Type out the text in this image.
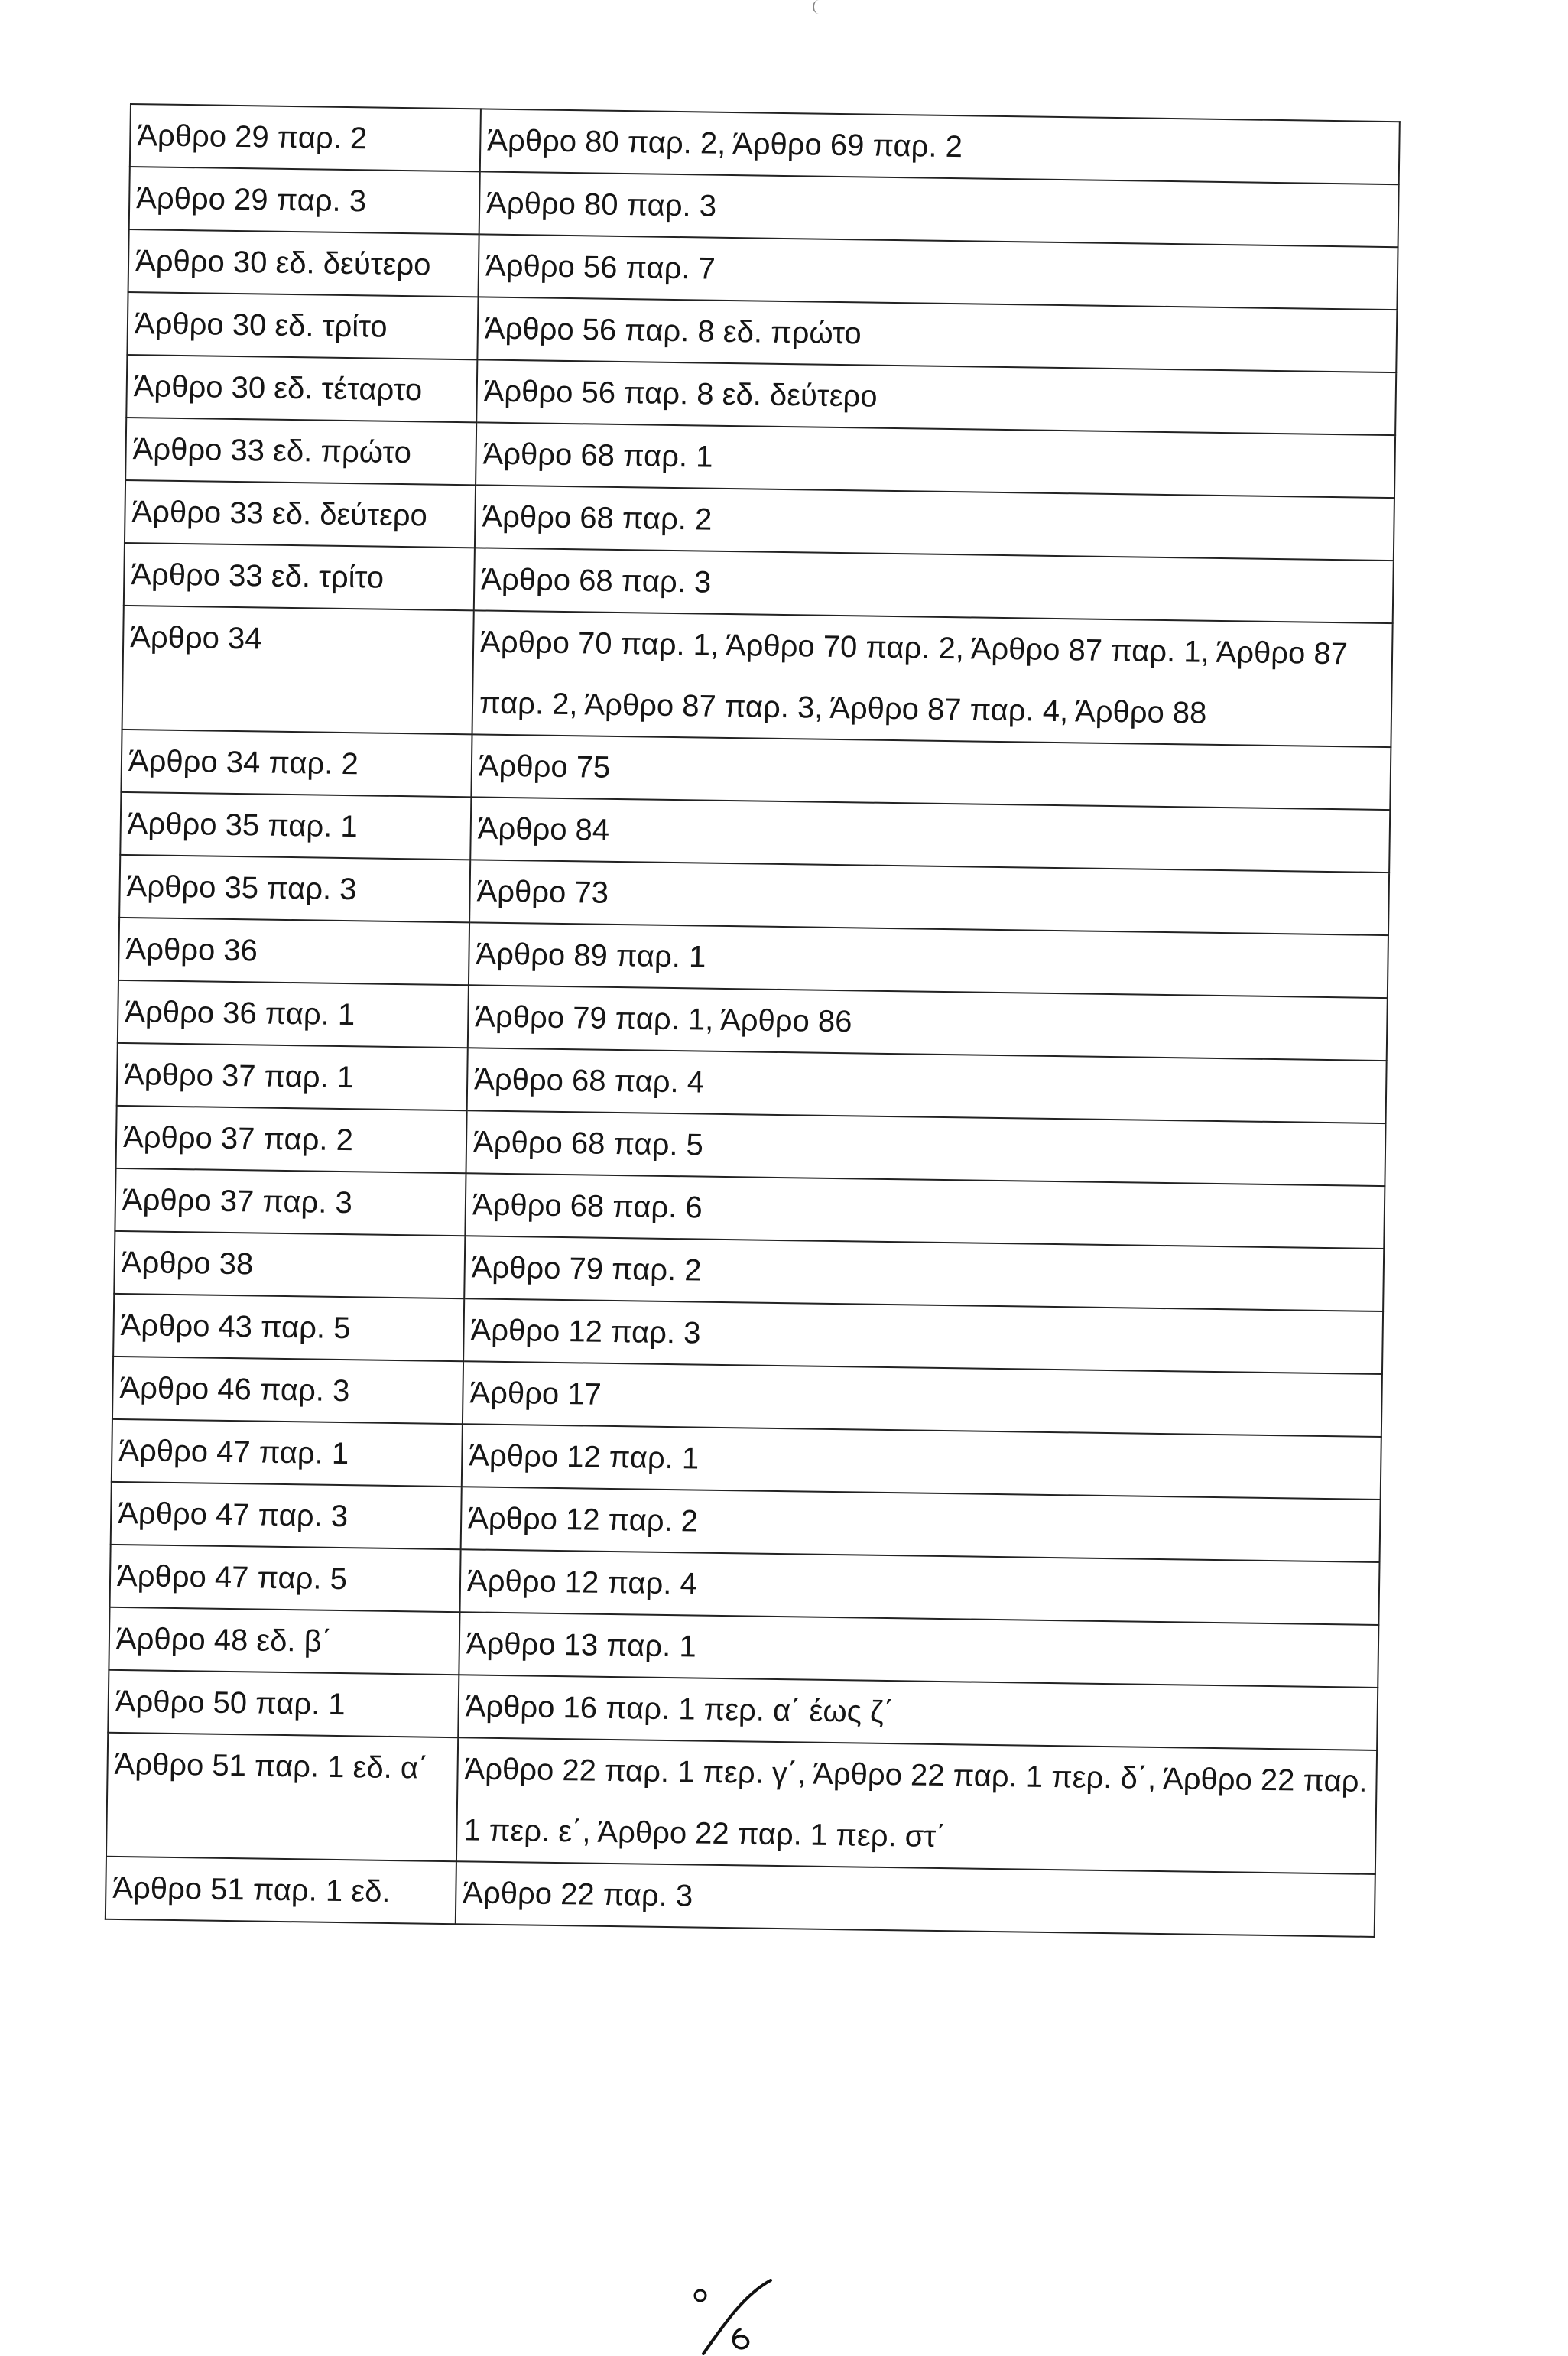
Άρθρο 29 παρ. 2	Άρθρο 80 παρ. 2, Άρθρο 69 παρ. 2
Άρθρο 29 παρ. 3	Άρθρο 80 παρ. 3
Άρθρο 30 εδ. δεύτερο	Άρθρο 56 παρ. 7
Άρθρο 30 εδ. τρίτο	Άρθρο 56 παρ. 8 εδ. πρώτο
Άρθρο 30 εδ. τέταρτο	Άρθρο 56 παρ. 8 εδ. δεύτερο
Άρθρο 33 εδ. πρώτο	Άρθρο 68 παρ. 1
Άρθρο 33 εδ. δεύτερο	Άρθρο 68 παρ. 2
Άρθρο 33 εδ. τρίτο	Άρθρο 68 παρ. 3
Άρθρο 34	Άρθρο 70 παρ. 1, Άρθρο 70 παρ. 2, Άρθρο 87 παρ. 1, Άρθρο 87 παρ. 2, Άρθρο 87 παρ. 3, Άρθρο 87 παρ. 4, Άρθρο 88
Άρθρο 34 παρ. 2	Άρθρο 75
Άρθρο 35 παρ. 1	Άρθρο 84
Άρθρο 35 παρ. 3	Άρθρο 73
Άρθρο 36	Άρθρο 89 παρ. 1
Άρθρο 36 παρ. 1	Άρθρο 79 παρ. 1, Άρθρο 86
Άρθρο 37 παρ. 1	Άρθρο 68 παρ. 4
Άρθρο 37 παρ. 2	Άρθρο 68 παρ. 5
Άρθρο 37 παρ. 3	Άρθρο 68 παρ. 6
Άρθρο 38	Άρθρο 79 παρ. 2
Άρθρο 43 παρ. 5	Άρθρο 12 παρ. 3
Άρθρο 46 παρ. 3	Άρθρο 17
Άρθρο 47 παρ. 1	Άρθρο 12 παρ. 1
Άρθρο 47 παρ. 3	Άρθρο 12 παρ. 2
Άρθρο 47 παρ. 5	Άρθρο 12 παρ. 4
Άρθρο 48 εδ. β΄	Άρθρο 13 παρ. 1
Άρθρο 50 παρ. 1	Άρθρο 16 παρ. 1 περ. α΄ έως ζ΄
Άρθρο 51 παρ. 1 εδ. α΄	Άρθρο 22 παρ. 1 περ. γ΄, Άρθρο 22 παρ. 1 περ. δ΄, Άρθρο 22 παρ. 1 περ. ε΄, Άρθρο 22 παρ. 1 περ. στ΄
Άρθρο 51 παρ. 1 εδ.	Άρθρο 22 παρ. 3
